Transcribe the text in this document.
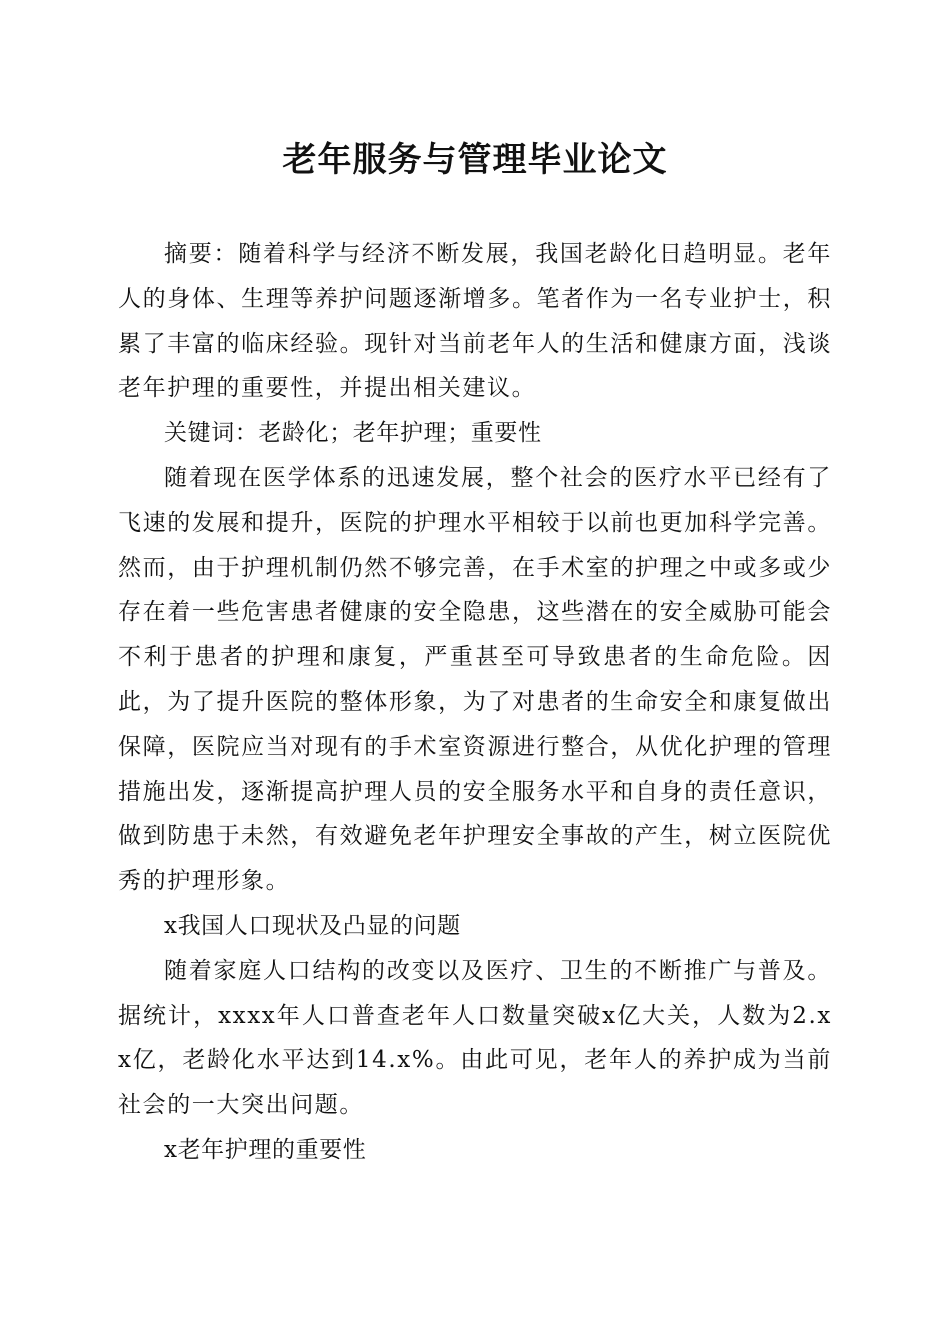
老年服务与管理毕业论文

摘要：随着科学与经济不断发展，我国老龄化日趋明显。老年人的身体、生理等养护问题逐渐增多。笔者作为一名专业护士，积累了丰富的临床经验。现针对当前老年人的生活和健康方面，浅谈老年护理的重要性，并提出相关建议。

关键词：老龄化；老年护理；重要性

随着现在医学体系的迅速发展，整个社会的医疗水平已经有了飞速的发展和提升，医院的护理水平相较于以前也更加科学完善。然而，由于护理机制仍然不够完善，在手术室的护理之中或多或少存在着一些危害患者健康的安全隐患，这些潜在的安全威胁可能会不利于患者的护理和康复，严重甚至可导致患者的生命危险。因此，为了提升医院的整体形象，为了对患者的生命安全和康复做出保障，医院应当对现有的手术室资源进行整合，从优化护理的管理措施出发，逐渐提高护理人员的安全服务水平和自身的责任意识，做到防患于未然，有效避免老年护理安全事故的产生，树立医院优秀的护理形象。

x我国人口现状及凸显的问题

随着家庭人口结构的改变以及医疗、卫生的不断推广与普及。据统计，xxxx年人口普查老年人口数量突破x亿大关，人数为2.xx亿，老龄化水平达到14.x%。由此可见，老年人的养护成为当前社会的一大突出问题。

x老年护理的重要性
